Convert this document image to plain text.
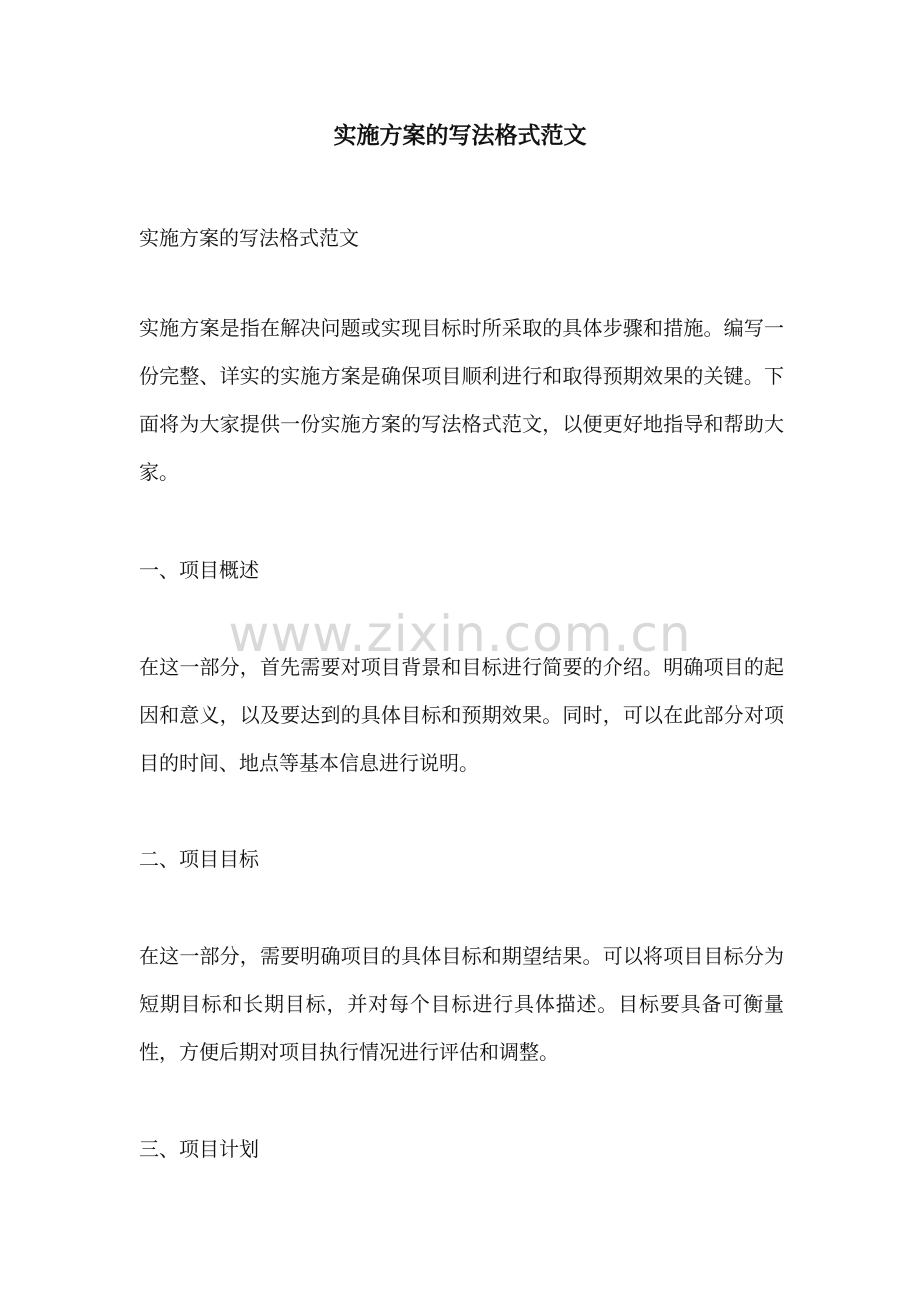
实施方案的写法格式范文

实施方案的写法格式范文

实施方案是指在解决问题或实现目标时所采取的具体步骤和措施。编写一份完整、详实的实施方案是确保项目顺利进行和取得预期效果的关键。下面将为大家提供一份实施方案的写法格式范文，以便更好地指导和帮助大家。

一、项目概述

在这一部分，首先需要对项目背景和目标进行简要的介绍。明确项目的起因和意义，以及要达到的具体目标和预期效果。同时，可以在此部分对项目的时间、地点等基本信息进行说明。

二、项目目标

在这一部分，需要明确项目的具体目标和期望结果。可以将项目目标分为短期目标和长期目标，并对每个目标进行具体描述。目标要具备可衡量性，方便后期对项目执行情况进行评估和调整。

三、项目计划

www.zixin.com.cn
